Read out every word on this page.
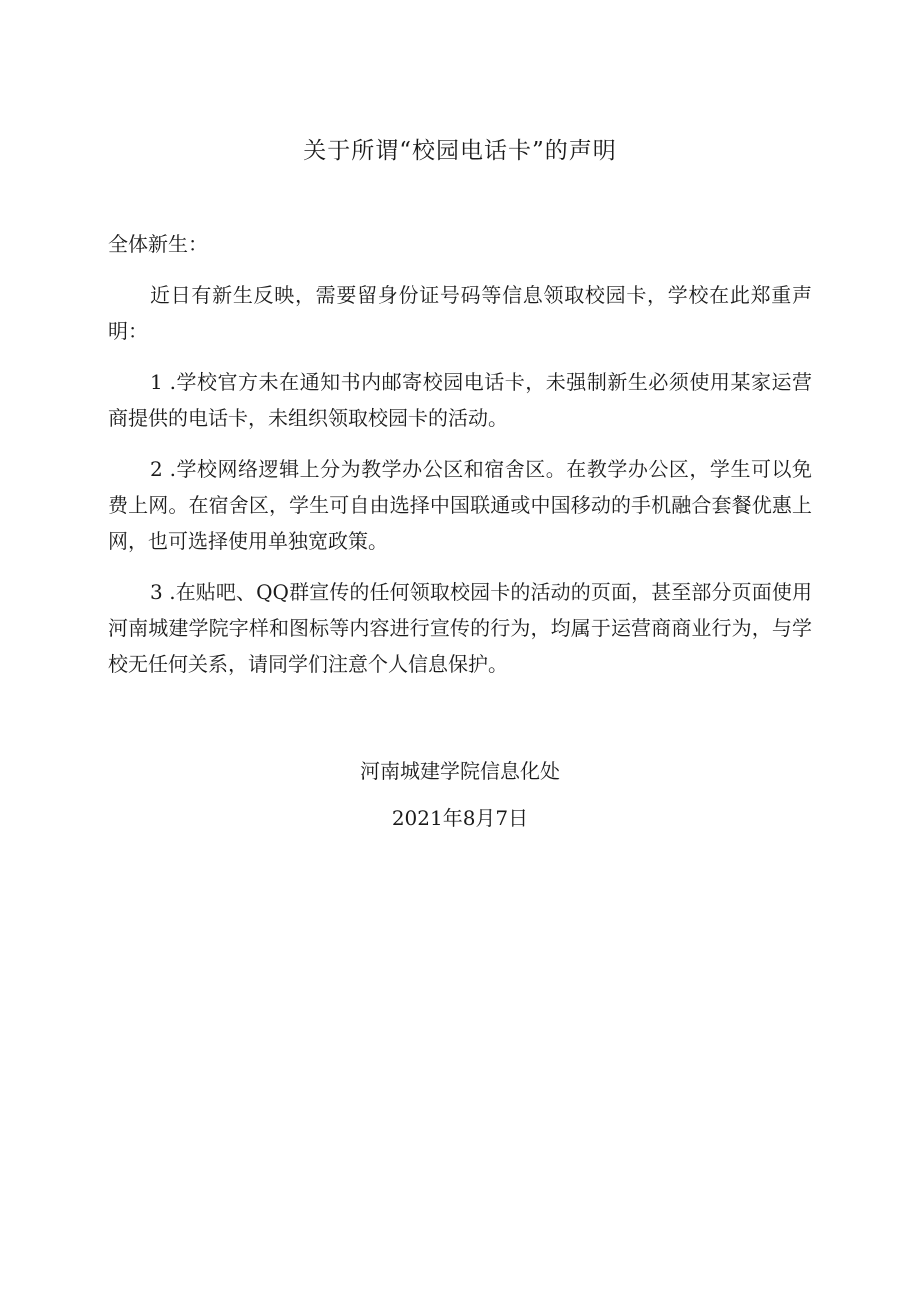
关于所谓“校园电话卡”的声明

全体新生：

近日有新生反映，需要留身份证号码等信息领取校园卡，学校在此郑重声明：

1 .学校官方未在通知书内邮寄校园电话卡，未强制新生必须使用某家运营商提供的电话卡，未组织领取校园卡的活动。

2 .学校网络逻辑上分为教学办公区和宿舍区。在教学办公区，学生可以免费上网。在宿舍区，学生可自由选择中国联通或中国移动的手机融合套餐优惠上网，也可选择使用单独宽政策。

3 .在贴吧、QQ群宣传的任何领取校园卡的活动的页面，甚至部分页面使用河南城建学院字样和图标等内容进行宣传的行为，均属于运营商商业行为，与学校无任何关系，请同学们注意个人信息保护。

河南城建学院信息化处
2021年8月7日
